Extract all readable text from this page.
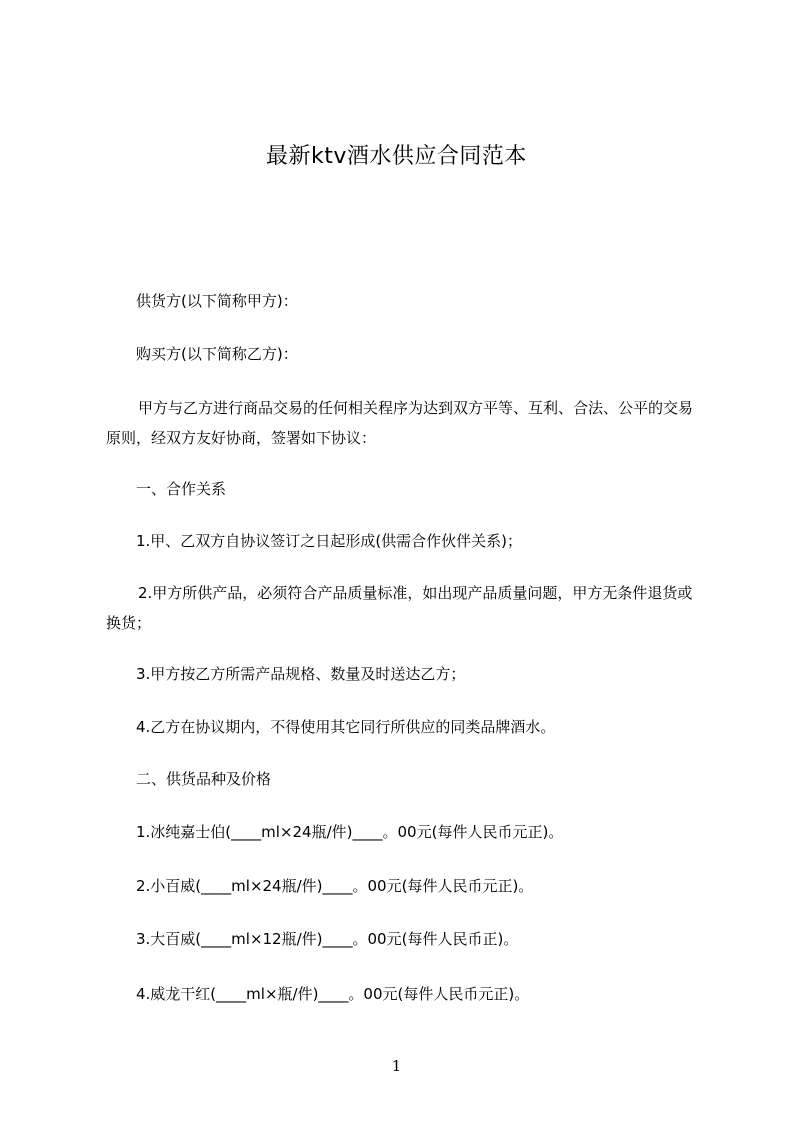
最新ktv酒水供应合同范本
供货方(以下简称甲方)：
购买方(以下简称乙方)：
甲方与乙方进行商品交易的任何相关程序为达到双方平等、互利、合法、公平的交易原则，经双方友好协商，签署如下协议：
一、合作关系
1.甲、乙双方自协议签订之日起形成(供需合作伙伴关系)；
2.甲方所供产品，必须符合产品质量标准，如出现产品质量问题，甲方无条件退货或换货；
3.甲方按乙方所需产品规格、数量及时送达乙方；
4.乙方在协议期内，不得使用其它同行所供应的同类品牌酒水。
二、供货品种及价格
1.冰纯嘉士伯(____ml×24瓶/件)____。00元(每件人民币元正)。
2.小百威(____ml×24瓶/件)____。00元(每件人民币元正)。
3.大百威(____ml×12瓶/件)____。00元(每件人民币正)。
4.威龙干红(____ml×瓶/件)____。00元(每件人民币元正)。
1
